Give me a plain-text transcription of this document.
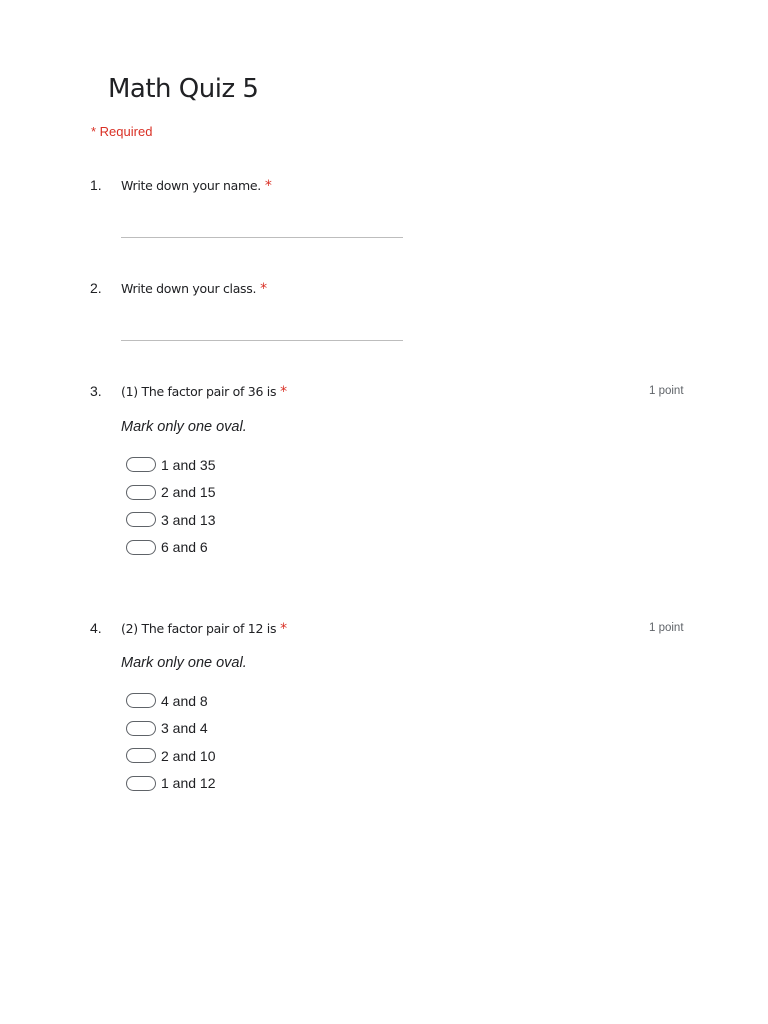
Math Quiz 5
* Required
1. Write down your name. *
2. Write down your class. *
3. (1) The factor pair of 36 is *	1 point
Mark only one oval.
1 and 35
2 and 15
3 and 13
6 and 6
4. (2) The factor pair of 12 is *	1 point
Mark only one oval.
4 and 8
3 and 4
2 and 10
1 and 12
